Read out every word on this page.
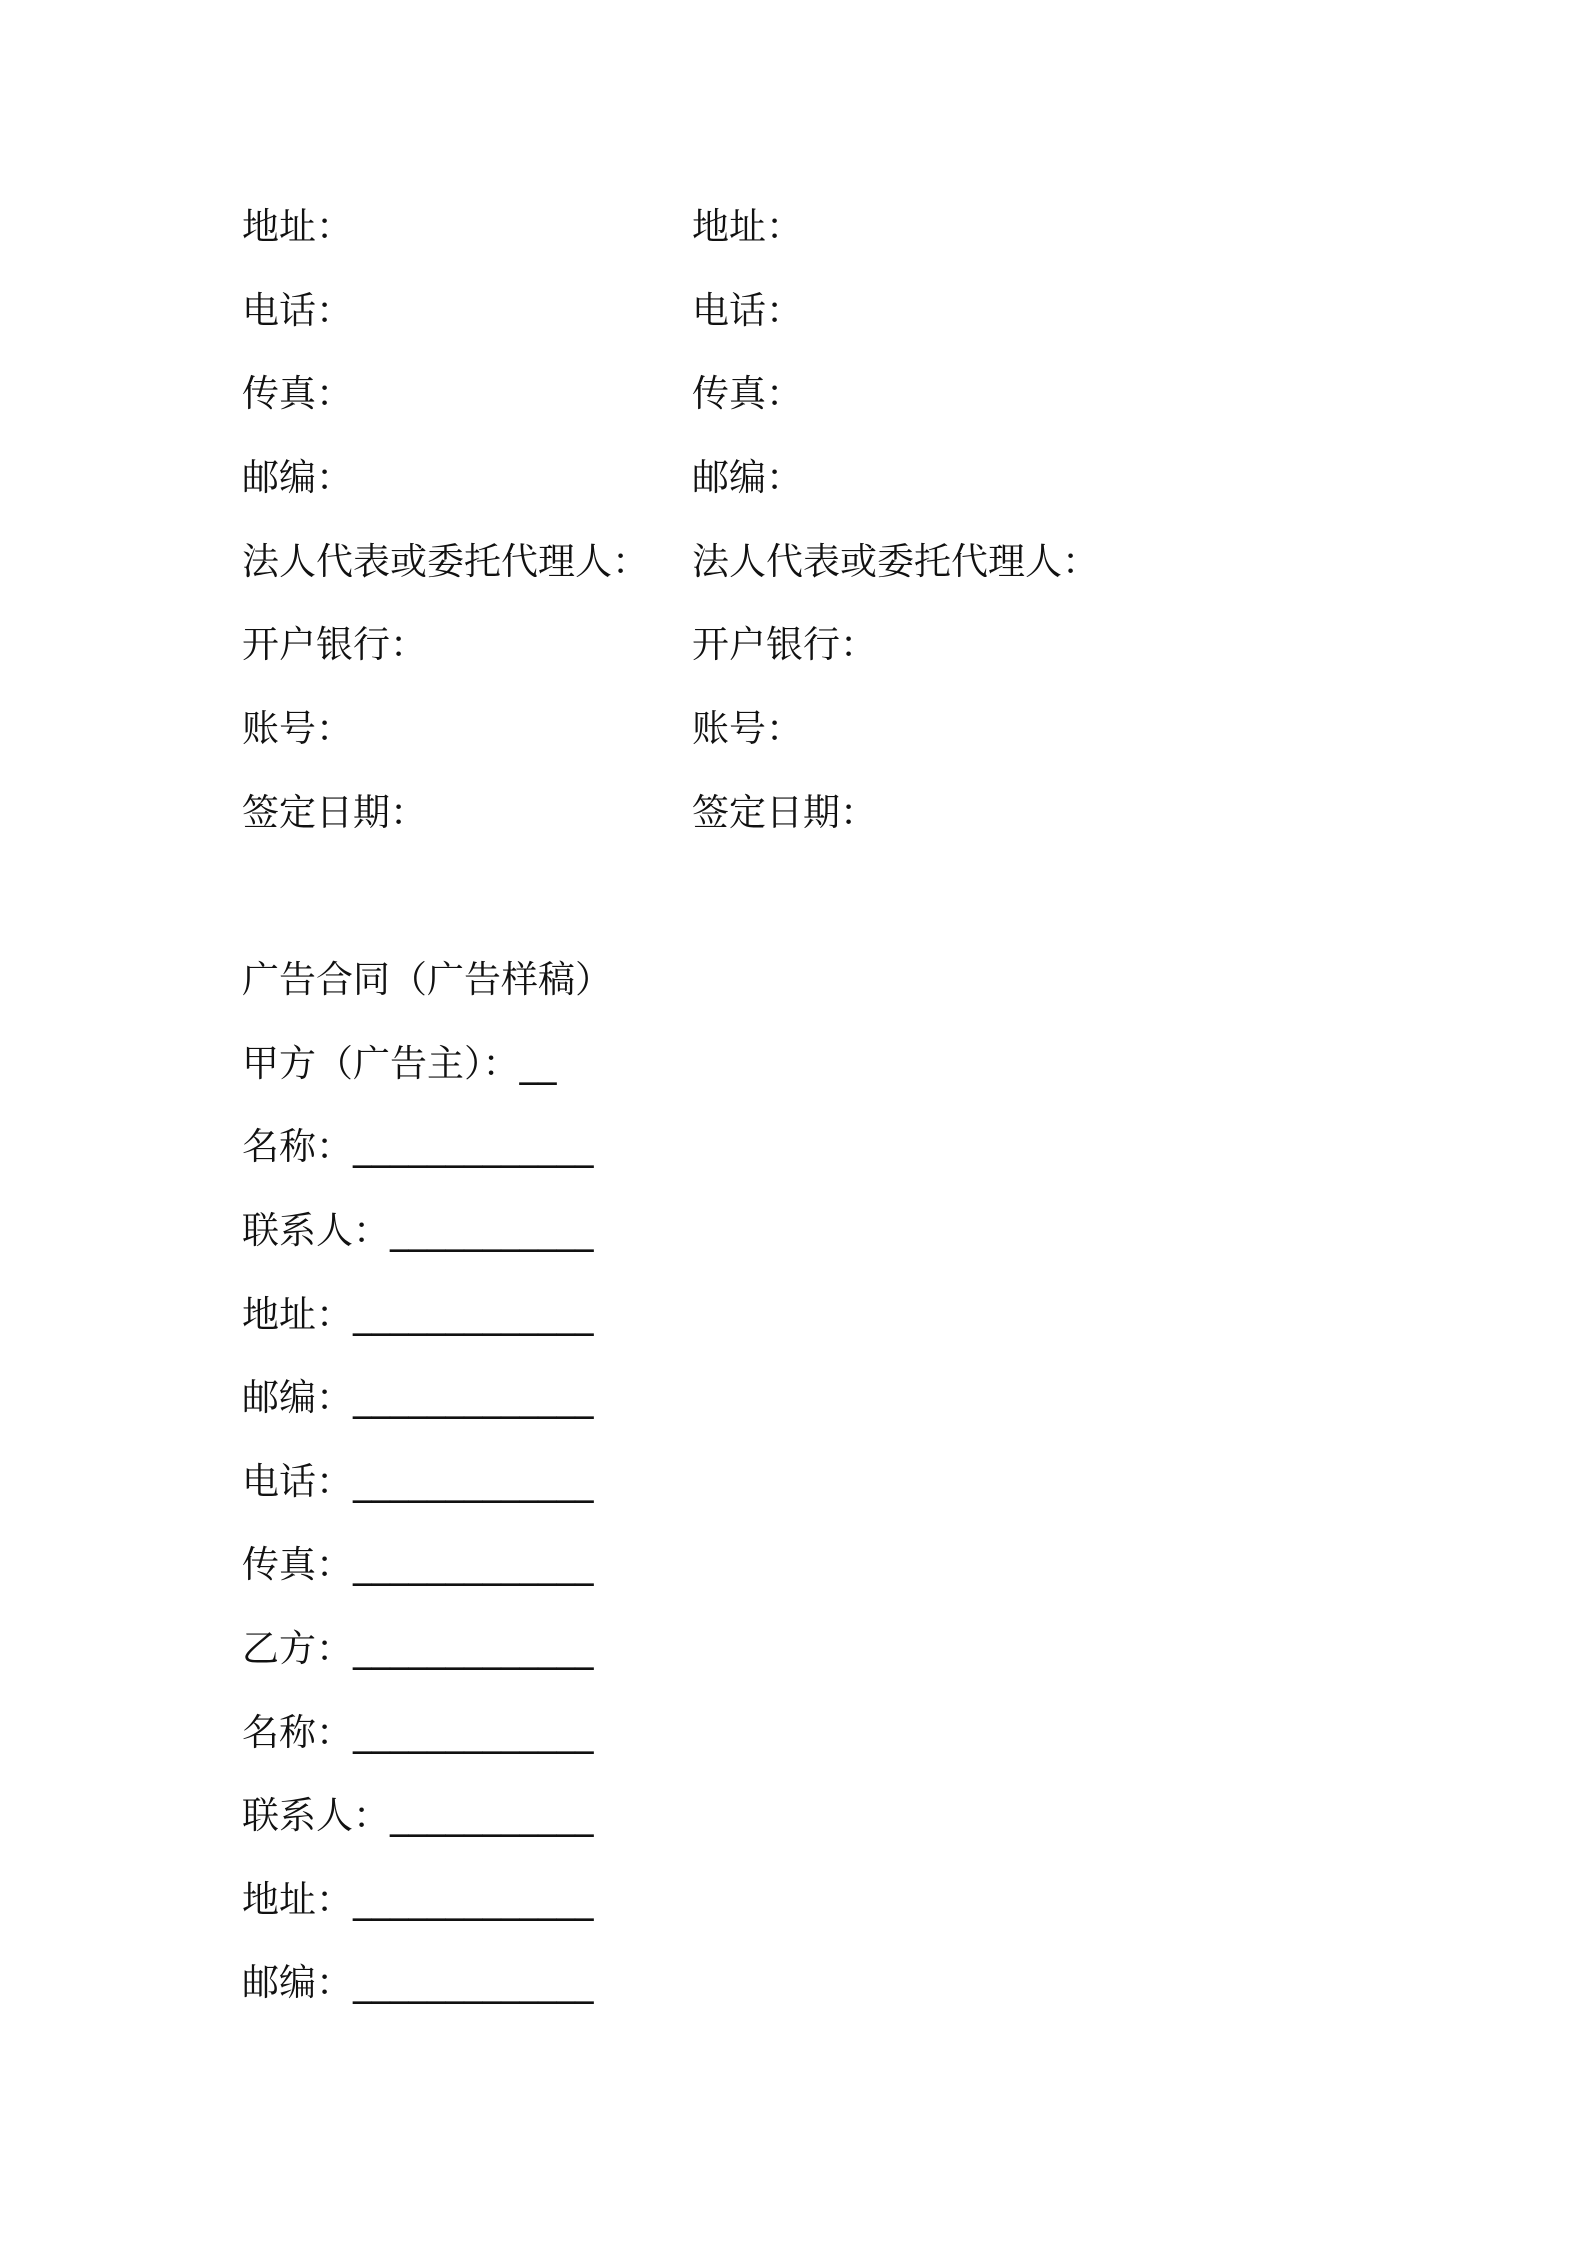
地址：
电话：
传真：
邮编：
法人代表或委托代理人：
开户银行：
账号：
签定日期：
地址：
电话：
传真：
邮编：
法人代表或委托代理人：
开户银行：
账号：
签定日期：
广告合同（广告样稿）
甲方（广告主）：__
名称：_____________
联系人：___________
地址：_____________
邮编：_____________
电话：_____________
传真：_____________
乙方：_____________
名称：_____________
联系人：___________
地址：_____________
邮编：_____________
